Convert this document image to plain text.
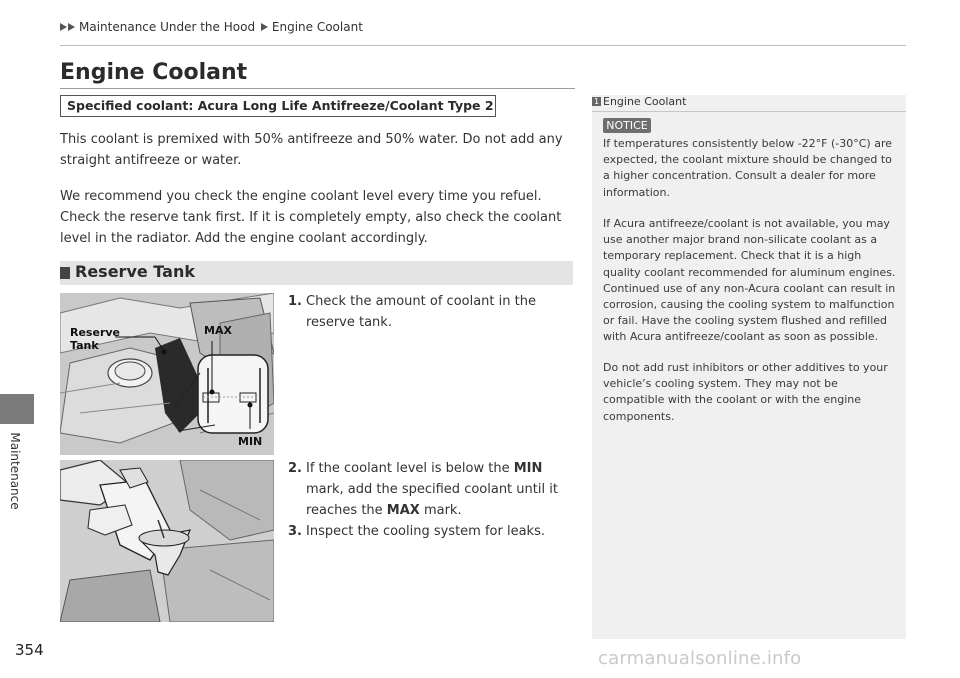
Maintenance Under the Hood Engine Coolant
Maintenance
354
Engine Coolant
Specified coolant: Acura Long Life Antifreeze/Coolant Type 2

This coolant is premixed with 50% antifreeze and 50% water. Do not add any straight antifreeze or water.

We recommend you check the engine coolant level every time you refuel. Check the reserve tank first. If it is completely empty, also check the coolant level in the radiator. Add the engine coolant accordingly.

Reserve Tank
Reserve
Tank
MAX
MIN
1. Check the amount of coolant in the reserve tank.
2. If the coolant level is below the MIN mark, add the specified coolant until it reaches the MAX mark.
3. Inspect the cooling system for leaks.
1 Engine Coolant
NOTICE

If temperatures consistently below -22°F (-30°C) are expected, the coolant mixture should be changed to a higher concentration. Consult a dealer for more information.

If Acura antifreeze/coolant is not available, you may use another major brand non-silicate coolant as a temporary replacement. Check that it is a high quality coolant recommended for aluminum engines. Continued use of any non-Acura coolant can result in corrosion, causing the cooling system to malfunction or fail. Have the cooling system flushed and refilled with Acura antifreeze/coolant as soon as possible.

Do not add rust inhibitors or other additives to your vehicle’s cooling system. They may not be compatible with the coolant or with the engine components.

carmanualsonline.info
